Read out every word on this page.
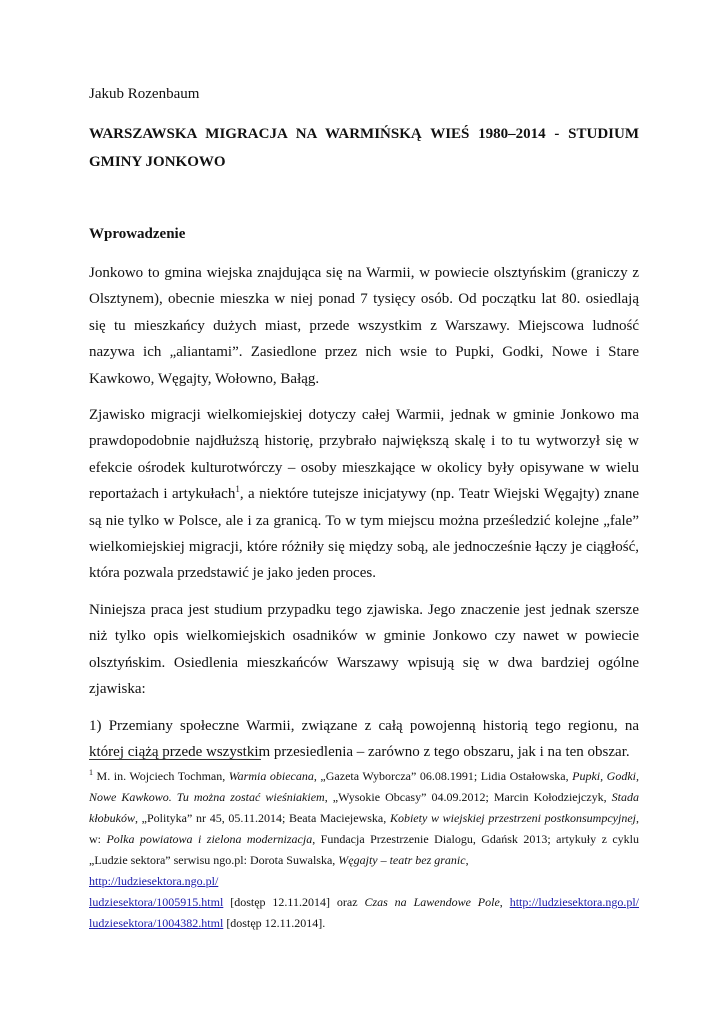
Jakub Rozenbaum
WARSZAWSKA MIGRACJA NA WARMIŃSKĄ WIEŚ 1980–2014 - STUDIUM GMINY JONKOWO
Wprowadzenie

Jonkowo to gmina wiejska znajdująca się na Warmii, w powiecie olsztyńskim (graniczy z Olsztynem), obecnie mieszka w niej ponad 7 tysięcy osób. Od początku lat 80. osiedlają się tu mieszkańcy dużych miast, przede wszystkim z Warszawy. Miejscowa ludność nazywa ich „aliantami”. Zasiedlone przez nich wsie to Pupki, Godki, Nowe i Stare Kawkowo, Węgajty, Wołowno, Bałąg.

Zjawisko migracji wielkomiejskiej dotyczy całej Warmii, jednak w gminie Jonkowo ma prawdopodobnie najdłuższą historię, przybrało największą skalę i to tu wytworzył się w efekcie ośrodek kulturotwórczy – osoby mieszkające w okolicy były opisywane w wielu reportażach i artykułach$^1$, a niektóre tutejsze inicjatywy (np. Teatr Wiejski Węgajty) znane są nie tylko w Polsce, ale i za granicą. To w tym miejscu można prześledzić kolejne „fale” wielkomiejskiej migracji, które różniły się między sobą, ale jednocześnie łączy je ciągłość, która pozwala przedstawić je jako jeden proces.

Niniejsza praca jest studium przypadku tego zjawiska. Jego znaczenie jest jednak szersze niż tylko opis wielkomiejskich osadników w gminie Jonkowo czy nawet w powiecie olsztyńskim. Osiedlenia mieszkańców Warszawy wpisują się w dwa bardziej ogólne zjawiska:

1) Przemiany społeczne Warmii, związane z całą powojenną historią tego regionu, na której ciążą przede wszystkim przesiedlenia – zarówno z tego obszaru, jak i na ten obszar.

$^1$ M. in. Wojciech Tochman, Warmia obiecana, „Gazeta Wyborcza” 06.08.1991; Lidia Ostałowska, Pupki, Godki, Nowe Kawkowo. Tu można zostać wieśniakiem, „Wysokie Obcasy” 04.09.2012; Marcin Kołodziejczyk, Stada kłobuków, „Polityka” nr 45, 05.11.2014; Beata Maciejewska, Kobiety w wiejskiej przestrzeni postkonsumpcyjnej, w: Polka powiatowa i zielona modernizacja, Fundacja Przestrzenie Dialogu, Gdańsk 2013; artykuły z cyklu „Ludzie sektora” serwisu ngo.pl: Dorota Suwalska, Węgajty – teatr bez granic,
http://ludziesektora.ngo.pl/

ludziesektora/1005915.html [dostęp 12.11.2014] oraz Czas na Lawendowe Pole, http://ludziesektora.ngo.pl/
ludziesektora/1004382.html [dostęp 12.11.2014].
